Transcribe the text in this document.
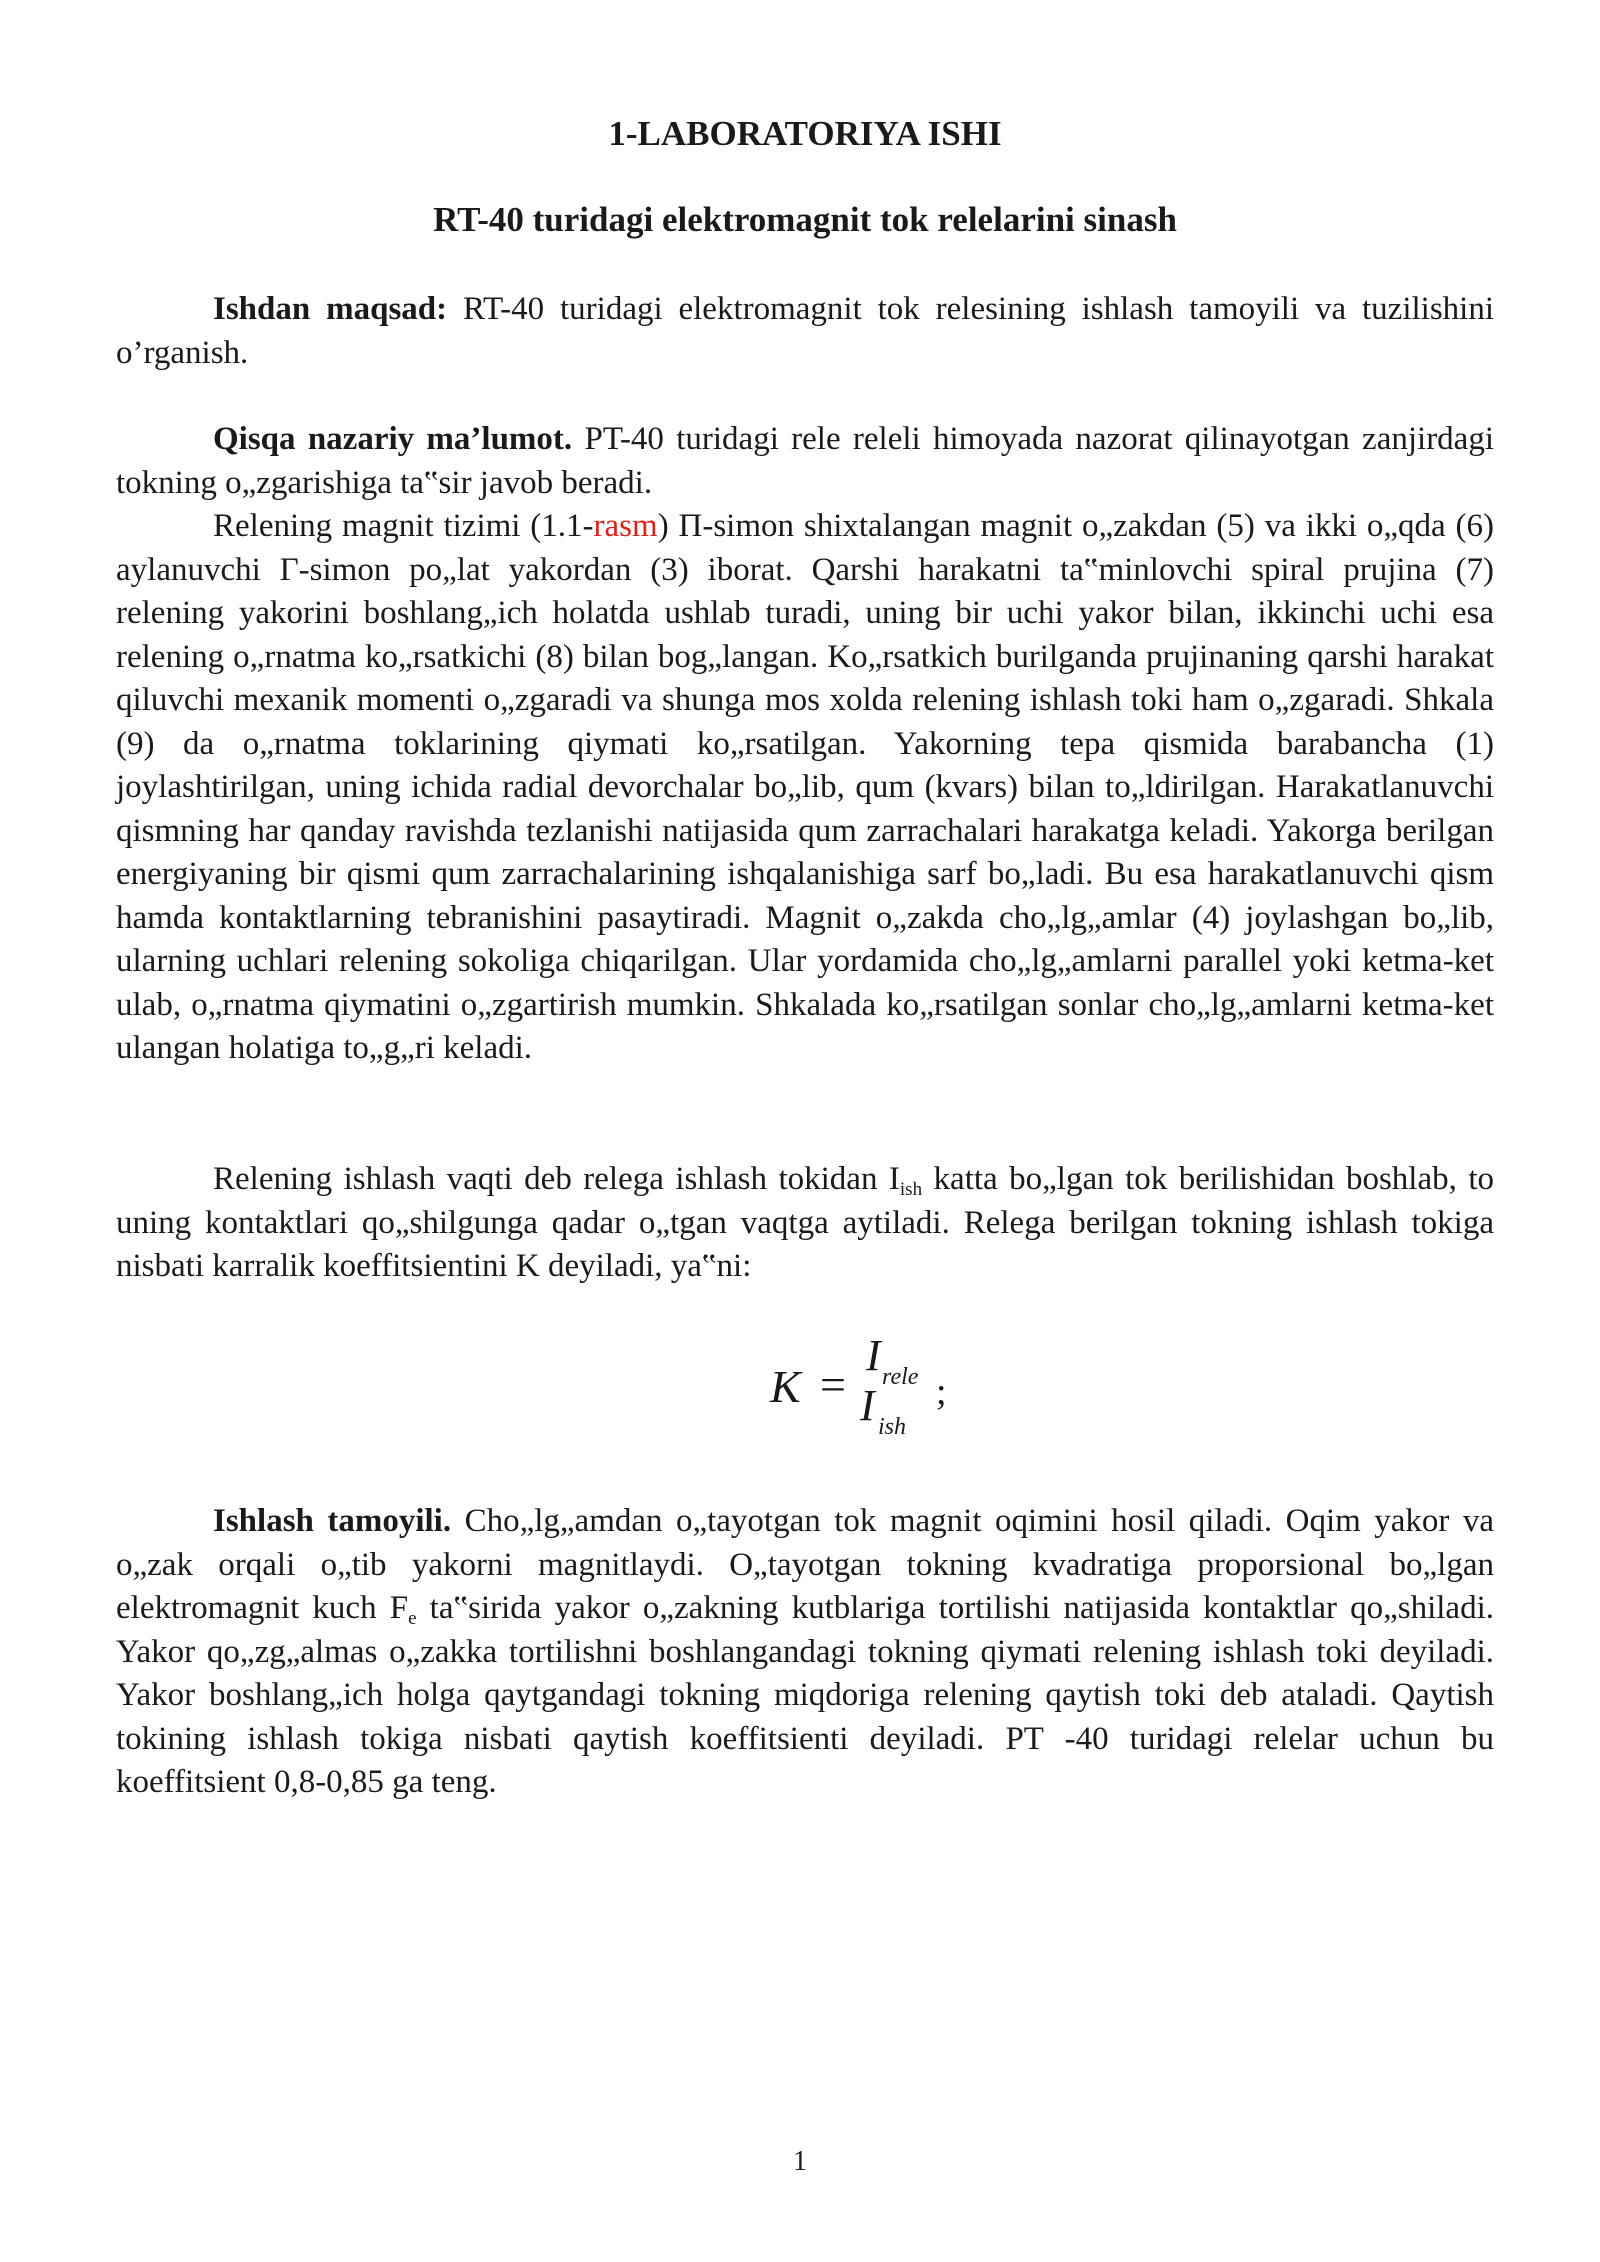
1-LABORATORIYA ISHI
RT-40 turidagi elektromagnit tok relelarini sinash

Ishdan maqsad: RT-40 turidagi elektromagnit tok relesining ishlash tamoyili va tuzilishini o’rganish.

Qisqa nazariy ma’lumot. PT-40 turidagi rele releli himoyada nazorat qilinayotgan zanjirdagi tokning o„zgarishiga ta‟sir javob beradi.

Relening magnit tizimi (1.1-rasm) П-simon shixtalangan magnit o„zakdan (5) va ikki o„qda (6) aylanuvchi Г-simon po„lat yakordan (3) iborat. Qarshi harakatni ta‟minlovchi spiral prujina (7) relening yakorini boshlang„ich holatda ushlab turadi, uning bir uchi yakor bilan, ikkinchi uchi esa relening o„rnatma ko„rsatkichi (8) bilan bog„langan. Ko„rsatkich burilganda prujinaning qarshi harakat qiluvchi mexanik momenti o„zgaradi va shunga mos xolda relening ishlash toki ham o„zgaradi. Shkala (9) da o„rnatma toklarining qiymati ko„rsatilgan. Yakorning tepa qismida barabancha (1) joylashtirilgan, uning ichida radial devorchalar bo„lib, qum (kvars) bilan to„ldirilgan. Harakatlanuvchi qismning har qanday ravishda tezlanishi natijasida qum zarrachalari harakatga keladi. Yakorga berilgan energiyaning bir qismi qum zarrachalarining ishqalanishiga sarf bo„ladi. Bu esa harakatlanuvchi qism hamda kontaktlarning tebranishini pasaytiradi. Magnit o„zakda cho„lg„amlar (4) joylashgan bo„lib, ularning uchlari relening sokoliga chiqarilgan. Ular yordamida cho„lg„amlarni parallel yoki ketma-ket ulab, o„rnatma qiymatini o„zgartirish mumkin. Shkalada ko„rsatilgan sonlar cho„lg„amlarni ketma-ket ulangan holatiga to„g„ri keladi.

Relening ishlash vaqti deb relega ishlash tokidan $I_{ish}$ katta bo„lgan tok berilishidan boshlab, to uning kontaktlari qo„shilgunga qadar o„tgan vaqtga aytiladi. Relega berilgan tokning ishlash tokiga nisbati karralik koeffitsientini K deyiladi, ya‟ni:

K =
I rele
I ish
;

Ishlash tamoyili. Cho„lg„amdan o„tayotgan tok magnit oqimini hosil qiladi. Oqim yakor va o„zak orqali o„tib yakorni magnitlaydi. O„tayotgan tokning kvadratiga proporsional bo„lgan elektromagnit kuch $F_e$ ta‟sirida yakor o„zakning kutblariga tortilishi natijasida kontaktlar qo„shiladi. Yakor qo„zg„almas o„zakka tortilishni boshlangandagi tokning qiymati relening ishlash toki deyiladi. Yakor boshlang„ich holga qaytgandagi tokning miqdoriga relening qaytish toki deb ataladi. Qaytish tokining ishlash tokiga nisbati qaytish koeffitsienti deyiladi. PT -40 turidagi relelar uchun bu koeffitsient 0,8-0,85 ga teng.

1
